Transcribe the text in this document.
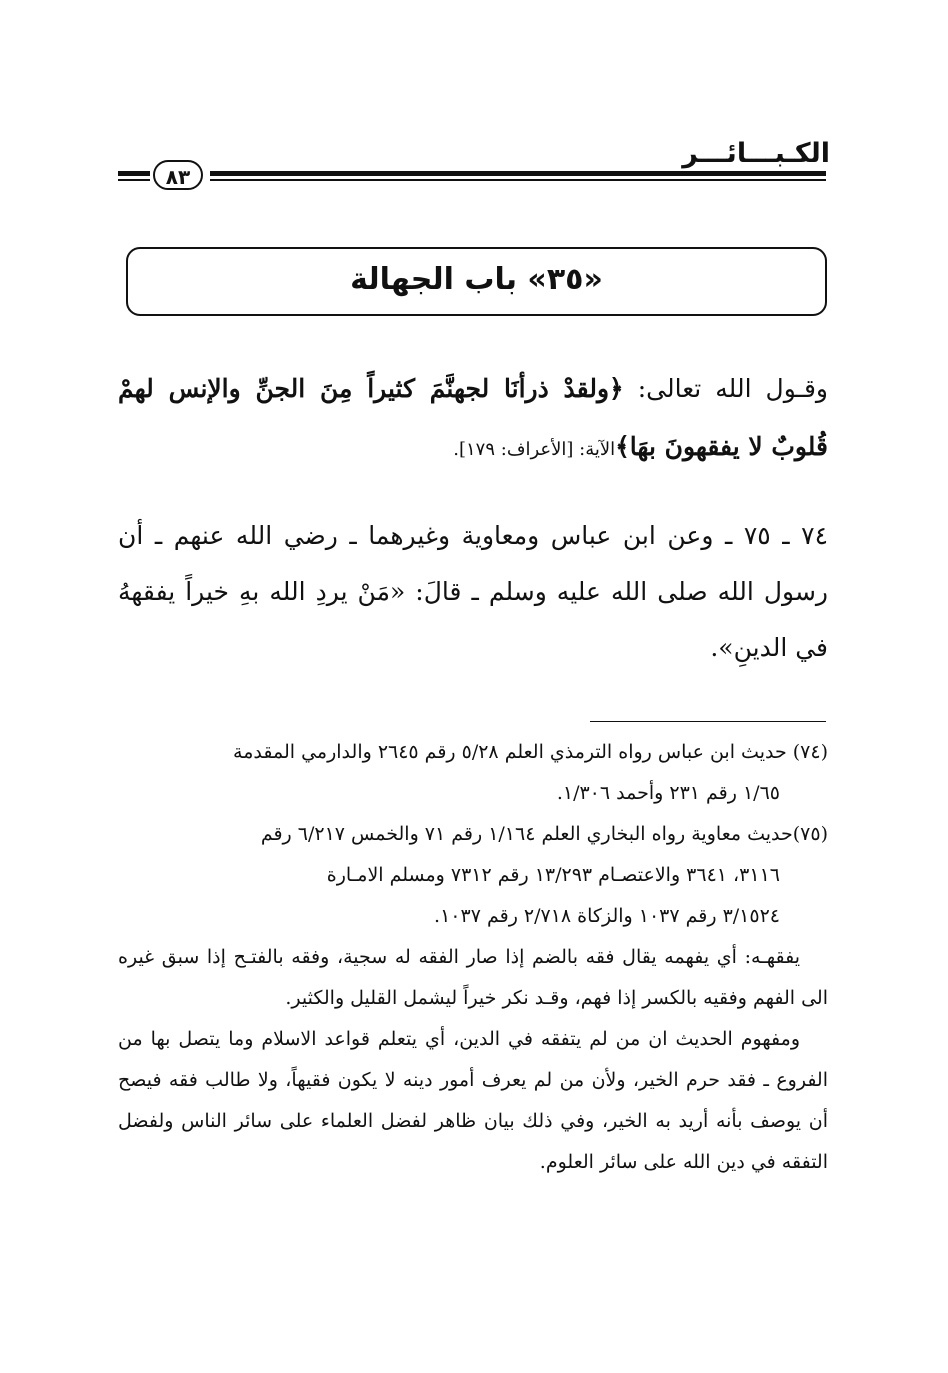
الكـبـــائـــر
٨٣
«٣٥» باب الجهالة
وقـول الله تعالى: ﴿ولقدْ ذرأنَا لجهنَّمَ كثيراً مِنَ الجنِّ والإنس لهمْ قُلوبٌ لا يفقهونَ بهَا﴾الآية: [الأعراف: ١٧٩].
٧٤ ـ ٧٥ ـ وعن ابن عباس ومعاوية وغيرهما ـ رضي الله عنهم ـ أن رسول الله صلى الله عليه وسلم ـ قالَ: «مَنْ يردِ الله بهِ خيراً يفقههُ في الدينِ».

(٧٤) حديث ابن عباس رواه الترمذي العلم ٥/٢٨ رقم ٢٦٤٥ والدارمي المقدمة

١/٦٥ رقم ٢٣١ وأحمد ١/٣٠٦.

(٧٥)حديث معاوية رواه البخاري العلم ١/١٦٤ رقم ٧١ والخمس ٦/٢١٧ رقم

٣١١٦، ٣٦٤١ والاعتصـام ١٣/٢٩٣ رقم ٧٣١٢ ومسلم الامـارة

٣/١٥٢٤ رقم ١٠٣٧ والزكاة ٢/٧١٨ رقم ١٠٣٧.

يفقهـه: أي يفهمه يقال فقه بالضم إذا صار الفقه له سجية، وفقه بالفتـح إذا سبق غيره الى الفهم وفقيه بالكسر إذا فهم، وقـد نكر خيراً ليشمل القليل والكثير.

ومفهوم الحديث ان من لم يتفقه في الدين، أي يتعلم قواعد الاسلام وما يتصل بها من الفروع ـ فقد حرم الخير، ولأن من لم يعرف أمور دينه لا يكون فقيهاً، ولا طالب فقه فيصح أن يوصف بأنه أريد به الخير، وفي ذلك بيان ظاهر لفضل العلماء على سائر الناس ولفضل التفقه في دين الله على سائر العلوم.
